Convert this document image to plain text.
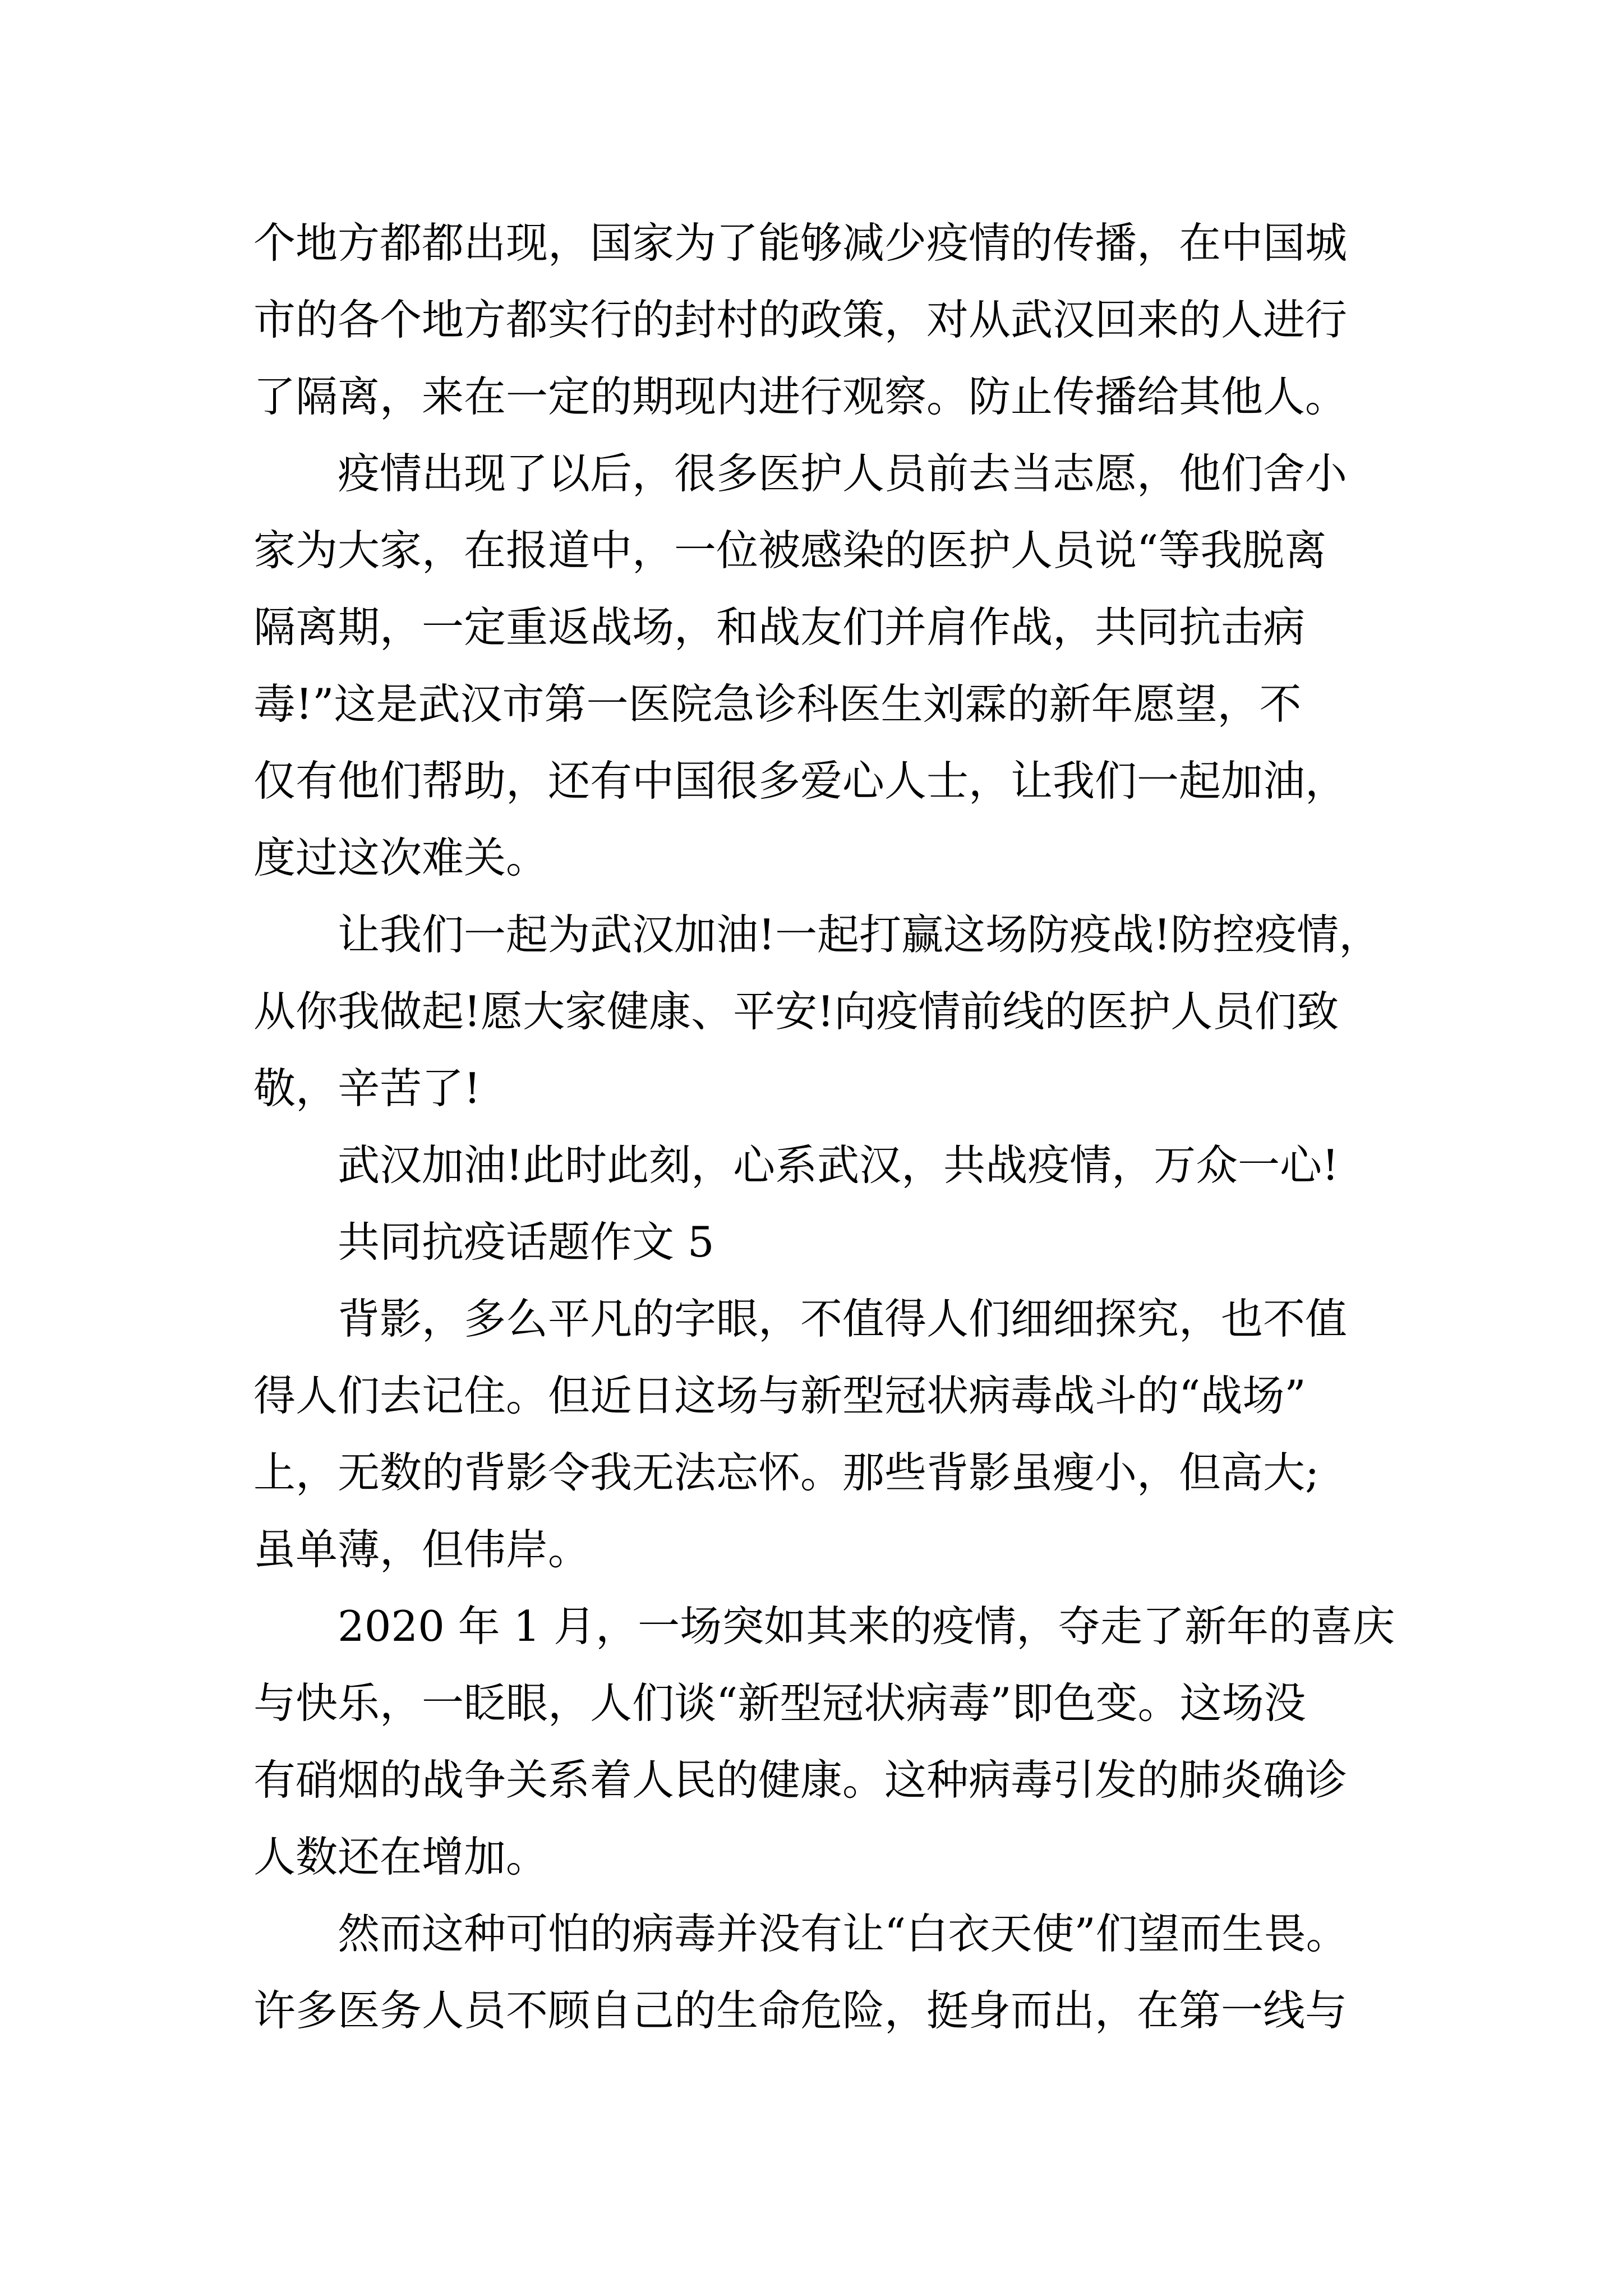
个地方都都出现，国家为了能够减少疫情的传播，在中国城
市的各个地方都实行的封村的政策，对从武汉回来的人进行
了隔离，来在一定的期现内进行观察。防止传播给其他人。
疫情出现了以后，很多医护人员前去当志愿，他们舍小
家为大家，在报道中，一位被感染的医护人员说“等我脱离
隔离期，一定重返战场，和战友们并肩作战，共同抗击病
毒!”这是武汉市第一医院急诊科医生刘霖的新年愿望，不
仅有他们帮助，还有中国很多爱心人士，让我们一起加油，
度过这次难关。
让我们一起为武汉加油!一起打赢这场防疫战!防控疫情，
从你我做起!愿大家健康、平安!向疫情前线的医护人员们致
敬，辛苦了!
武汉加油!此时此刻，心系武汉，共战疫情，万众一心!
共同抗疫话题作文 5
背影，多么平凡的字眼，不值得人们细细探究，也不值
得人们去记住。但近日这场与新型冠状病毒战斗的“战场”
上，无数的背影令我无法忘怀。那些背影虽瘦小，但高大;
虽单薄，但伟岸。
2020 年 1 月，一场突如其来的疫情，夺走了新年的喜庆
与快乐，一眨眼，人们谈“新型冠状病毒”即色变。这场没
有硝烟的战争关系着人民的健康。这种病毒引发的肺炎确诊
人数还在增加。
然而这种可怕的病毒并没有让“白衣天使”们望而生畏。
许多医务人员不顾自己的生命危险，挺身而出，在第一线与
